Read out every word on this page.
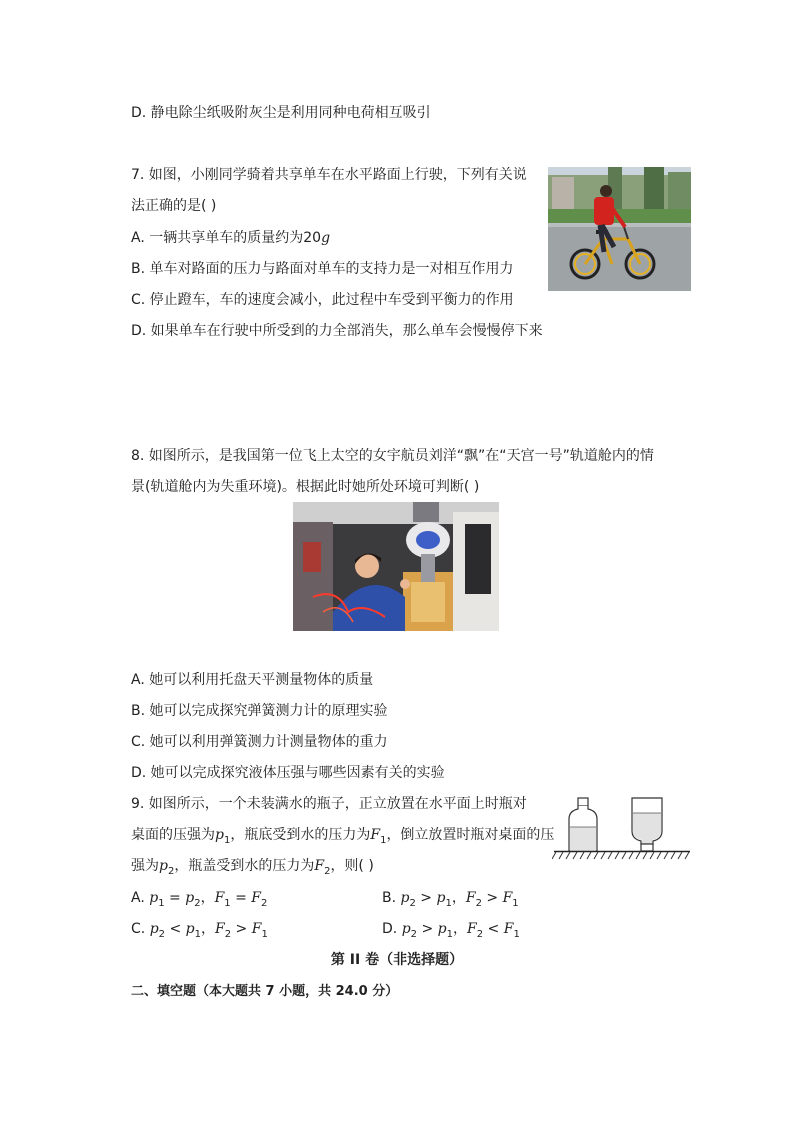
D. 静电除尘纸吸附灰尘是利用同种电荷相互吸引
7. 如图，小刚同学骑着共享单车在水平路面上行驶，下列有关说
法正确的是( )
A. 一辆共享单车的质量约为20g
B. 单车对路面的压力与路面对单车的支持力是一对相互作用力
C. 停止蹬车，车的速度会减小，此过程中车受到平衡力的作用
D. 如果单车在行驶中所受到的力全部消失，那么单车会慢慢停下来
8. 如图所示，是我国第一位飞上太空的女宇航员刘洋“飘”在“天宫一号”轨道舱内的情
景(轨道舱内为失重环境)。根据此时她所处环境可判断( )
A. 她可以利用托盘天平测量物体的质量
B. 她可以完成探究弹簧测力计的原理实验
C. 她可以利用弹簧测力计测量物体的重力
D. 她可以完成探究液体压强与哪些因素有关的实验
9. 如图所示，一个未装满水的瓶子，正立放置在水平面上时瓶对
桌面的压强为$p_1$，瓶底受到水的压力为$F_1$，倒立放置时瓶对桌面的压
强为$p_2$，瓶盖受到水的压力为$F_2$，则( )
A. $p_1 = p_2$，$F_1 = F_2$	B. $p_2 > p_1$，$F_2 > F_1$
C. $p_2 < p_1$，$F_2 > F_1$	D. $p_2 > p_1$，$F_2 < F_1$
第 II 卷（非选择题）
二、填空题（本大题共 7 小题，共 24.0 分）
